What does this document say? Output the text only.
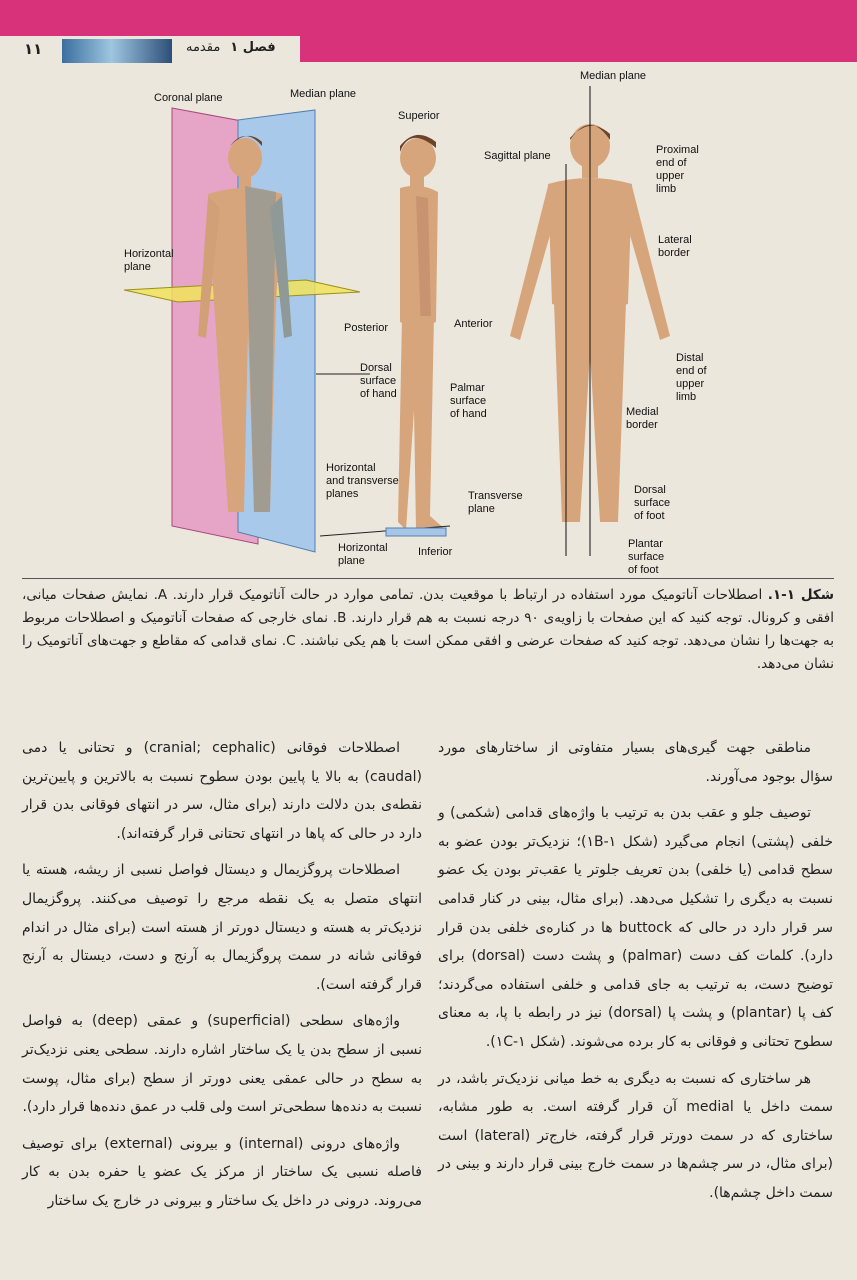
۱۱	فصل ۱
مقدمه
Coronal plane	Median plane
Horizontal
plane
Superior
Posterior	Anterior
Dorsal
surface
of hand	Palmar
surface
of hand
Horizontal
and transverse
planes	Transverse
plane
Horizontal
plane
Inferior
Median plane
Sagittal plane	Proximal
end of
upper
limb
Lateral
border
Distal
end of
upper
limb
Medial
border
Dorsal
surface
of foot
Plantar
surface
of foot
شکل ۱-۱. اصطلاحات آناتومیک مورد استفاده در ارتباط با موقعیت بدن. تمامی موارد در حالت آناتومیک قرار دارند. A. نمایش صفحات میانی، افقی و کرونال. توجه کنید که این صفحات با زاویه‌ی ۹۰ درجه نسبت به هم قرار دارند. B. نمای خارجی که صفحات آناتومیک و اصطلاحات مربوط به جهت‌ها را نشان می‌دهد. توجه کنید که صفحات عرضی و افقی ممکن است با هم یکی نباشند. C. نمای قدامی که مقاطع و جهت‌های آناتومیک را نشان می‌دهد.

مناطقی جهت گیری‌های بسیار متفاوتی از ساختارهای مورد سؤال بوجود می‌آورند.

توصیف جلو و عقب بدن به ترتیب با واژه‌های قدامی (شکمی) و خلفی (پشتی) انجام می‌گیرد (شکل ۱B-۱)؛ نزدیک‌تر بودن عضو به سطح قدامی (یا خلفی) بدن تعریف جلوتر یا عقب‌تر بودن یک عضو نسبت به دیگری را تشکیل می‌دهد. (برای مثال، بینی در کنار قدامی سر قرار دارد در حالی که buttock ها در کناره‌ی خلفی بدن قرار دارد). کلمات کف دست (palmar) و پشت دست (dorsal) برای توضیح دست، به ترتیب به جای قدامی و خلفی استفاده می‌گردند؛ کف پا (plantar) و پشت پا (dorsal) نیز در رابطه با پا، به معنای سطوح تحتانی و فوقانی به کار برده می‌شوند. (شکل ۱C-۱).

هر ساختاری که نسبت به دیگری به خط میانی نزدیک‌تر باشد، در سمت داخل یا medial آن قرار گرفته است. به طور مشابه، ساختاری که در سمت دورتر قرار گرفته، خارج‌تر (lateral) است (برای مثال، در سر چشم‌ها در سمت خارج بینی قرار دارند و بینی در سمت داخل چشم‌ها).

اصطلاحات فوقانی (cranial; cephalic) و تحتانی یا دمی (caudal) به بالا یا پایین بودن سطوح نسبت به بالاترین و پایین‌ترین نقطه‌ی بدن دلالت دارند (برای مثال، سر در انتهای فوقانی بدن قرار دارد در حالی که پاها در انتهای تحتانی قرار گرفته‌اند).

اصطلاحات پروگزیمال و دیستال فواصل نسبی از ریشه، هسته یا انتهای متصل به یک نقطه مرجع را توصیف می‌کنند. پروگزیمال نزدیک‌تر به هسته و دیستال دورتر از هسته است (برای مثال در اندام فوقانی شانه در سمت پروگزیمال به آرنج و دست، دیستال به آرنج قرار گرفته است).

واژه‌های سطحی (superficial) و عمقی (deep) به فواصل نسبی از سطح بدن یا یک ساختار اشاره دارند. سطحی یعنی نزدیک‌تر به سطح در حالی عمقی یعنی دورتر از سطح (برای مثال، پوست نسبت به دنده‌ها سطحی‌تر است ولی قلب در عمق دنده‌ها قرار دارد).

واژه‌های درونی (internal) و بیرونی (external) برای توصیف فاصله نسبی یک ساختار از مرکز یک عضو یا حفره بدن به کار می‌روند. درونی در داخل یک ساختار و بیرونی در خارج یک ساختار
